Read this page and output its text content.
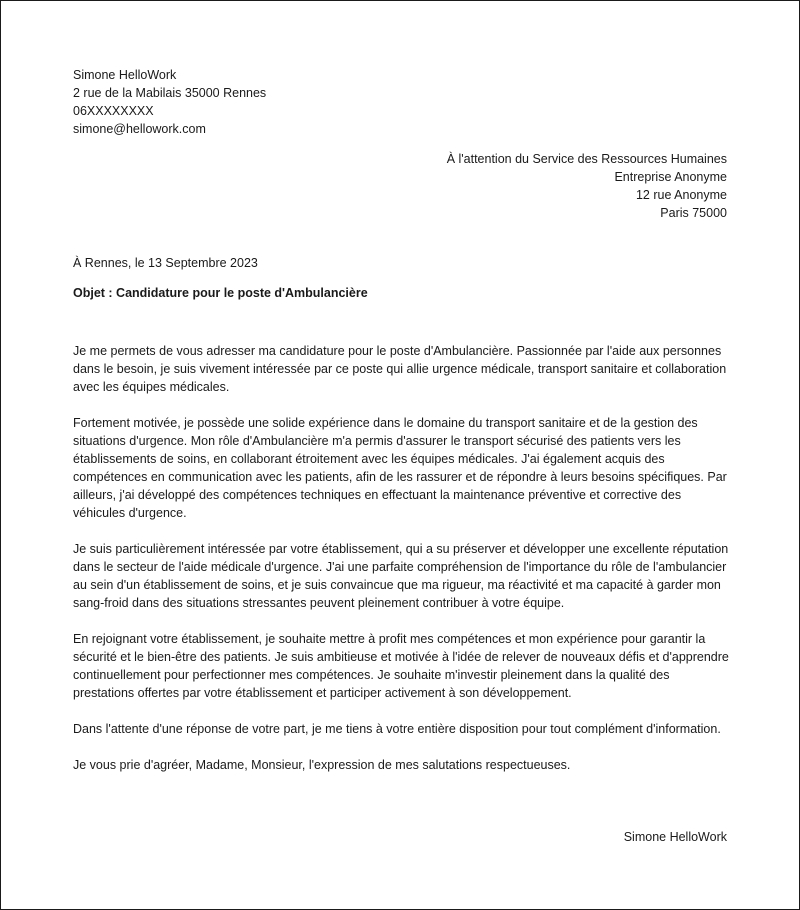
Simone HelloWork
2 rue de la Mabilais 35000 Rennes
06XXXXXXXX
simone@hellowork.com
À l'attention du Service des Ressources Humaines
Entreprise Anonyme
12 rue Anonyme
Paris 75000
À Rennes, le 13 Septembre 2023
Objet : Candidature pour le poste d'Ambulancière

Je me permets de vous adresser ma candidature pour le poste d'Ambulancière. Passionnée par l'aide aux personnes dans le besoin, je suis vivement intéressée par ce poste qui allie urgence médicale, transport sanitaire et collaboration avec les équipes médicales.

Fortement motivée, je possède une solide expérience dans le domaine du transport sanitaire et de la gestion des situations d'urgence. Mon rôle d'Ambulancière m'a permis d'assurer le transport sécurisé des patients vers les établissements de soins, en collaborant étroitement avec les équipes médicales. J'ai également acquis des compétences en communication avec les patients, afin de les rassurer et de répondre à leurs besoins spécifiques. Par ailleurs, j'ai développé des compétences techniques en effectuant la maintenance préventive et corrective des véhicules d'urgence.

Je suis particulièrement intéressée par votre établissement, qui a su préserver et développer une excellente réputation dans le secteur de l'aide médicale d'urgence. J'ai une parfaite compréhension de l'importance du rôle de l'ambulancier au sein d'un établissement de soins, et je suis convaincue que ma rigueur, ma réactivité et ma capacité à garder mon sang-froid dans des situations stressantes peuvent pleinement contribuer à votre équipe.

En rejoignant votre établissement, je souhaite mettre à profit mes compétences et mon expérience pour garantir la sécurité et le bien-être des patients. Je suis ambitieuse et motivée à l'idée de relever de nouveaux défis et d'apprendre continuellement pour perfectionner mes compétences. Je souhaite m'investir pleinement dans la qualité des prestations offertes par votre établissement et participer activement à son développement.

Dans l'attente d'une réponse de votre part, je me tiens à votre entière disposition pour tout complément d'information.

Je vous prie d'agréer, Madame, Monsieur, l'expression de mes salutations respectueuses.

Simone HelloWork
